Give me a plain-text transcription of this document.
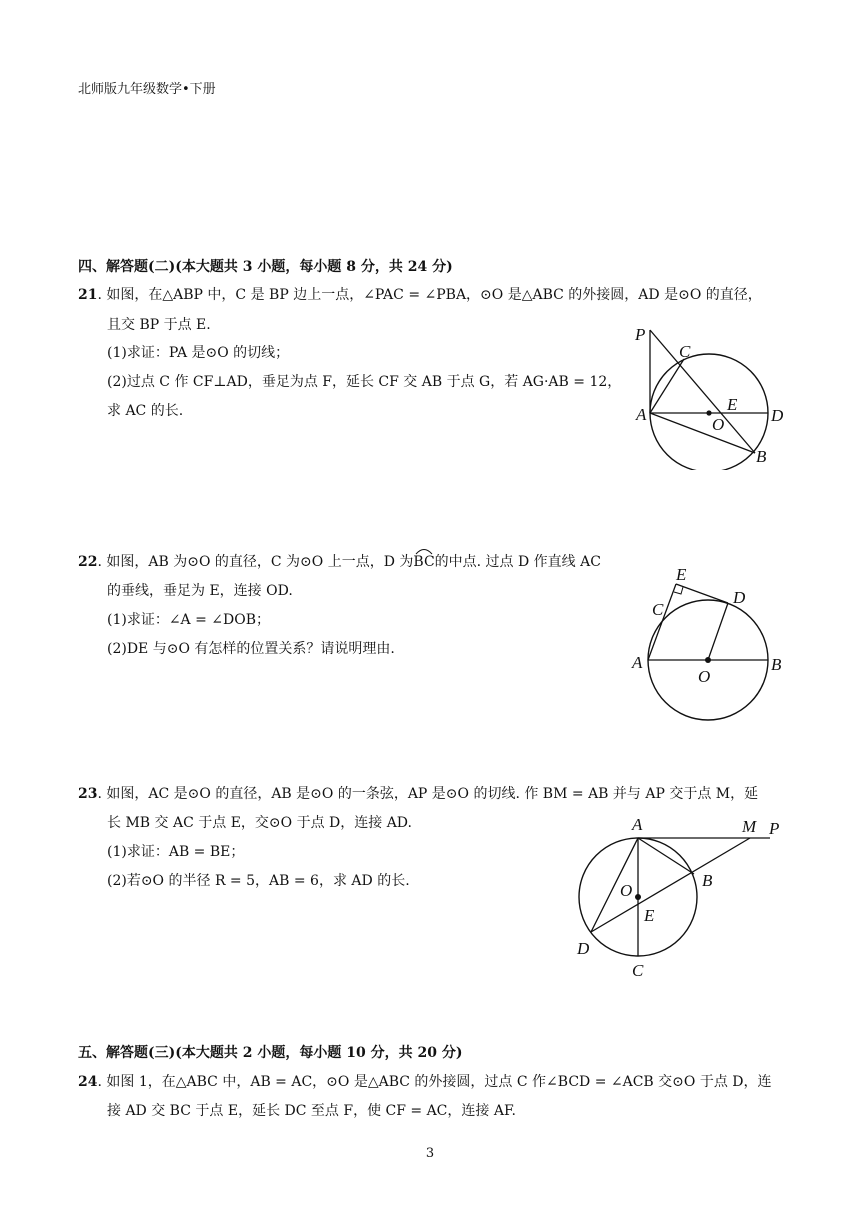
北师版九年级数学•下册
四、解答题(二)(本大题共 3 小题，每小题 8 分，共 24 分)
21. 如图，在△ABP 中，C 是 BP 边上一点，∠PAC = ∠PBA，⊙O 是△ABC 的外接圆，AD 是⊙O 的直径，
且交 BP 于点 E.
(1)求证：PA 是⊙O 的切线；
(2)过点 C 作 CF⊥AD，垂足为点 F，延长 CF 交 AB 于点 G，若 AG·AB = 12，
求 AC 的长.
P
C
A
E
D
O
B
22. 如图，AB 为⊙O 的直径，C 为⊙O 上一点，D 为
BC的中点. 过点 D 作直线 AC
的垂线，垂足为 E，连接 OD.
(1)求证：∠A = ∠DOB；
(2)DE 与⊙O 有怎样的位置关系？请说明理由.
E
D
C
A
O
B
23. 如图，AC 是⊙O 的直径，AB 是⊙O 的一条弦，AP 是⊙O 的切线. 作 BM = AB 并与 AP 交于点 M，延
长 MB 交 AC 于点 E，交⊙O 于点 D，连接 AD.
(1)求证：AB = BE；
(2)若⊙O 的半径 R = 5，AB = 6，求 AD 的长.
A	M P
O
B
E
D
C
五、解答题(三)(本大题共 2 小题，每小题 10 分，共 20 分)
24. 如图 1，在△ABC 中，AB = AC，⊙O 是△ABC 的外接圆，过点 C 作∠BCD = ∠ACB 交⊙O 于点 D，连
接 AD 交 BC 于点 E，延长 DC 至点 F，使 CF = AC，连接 AF.
3
